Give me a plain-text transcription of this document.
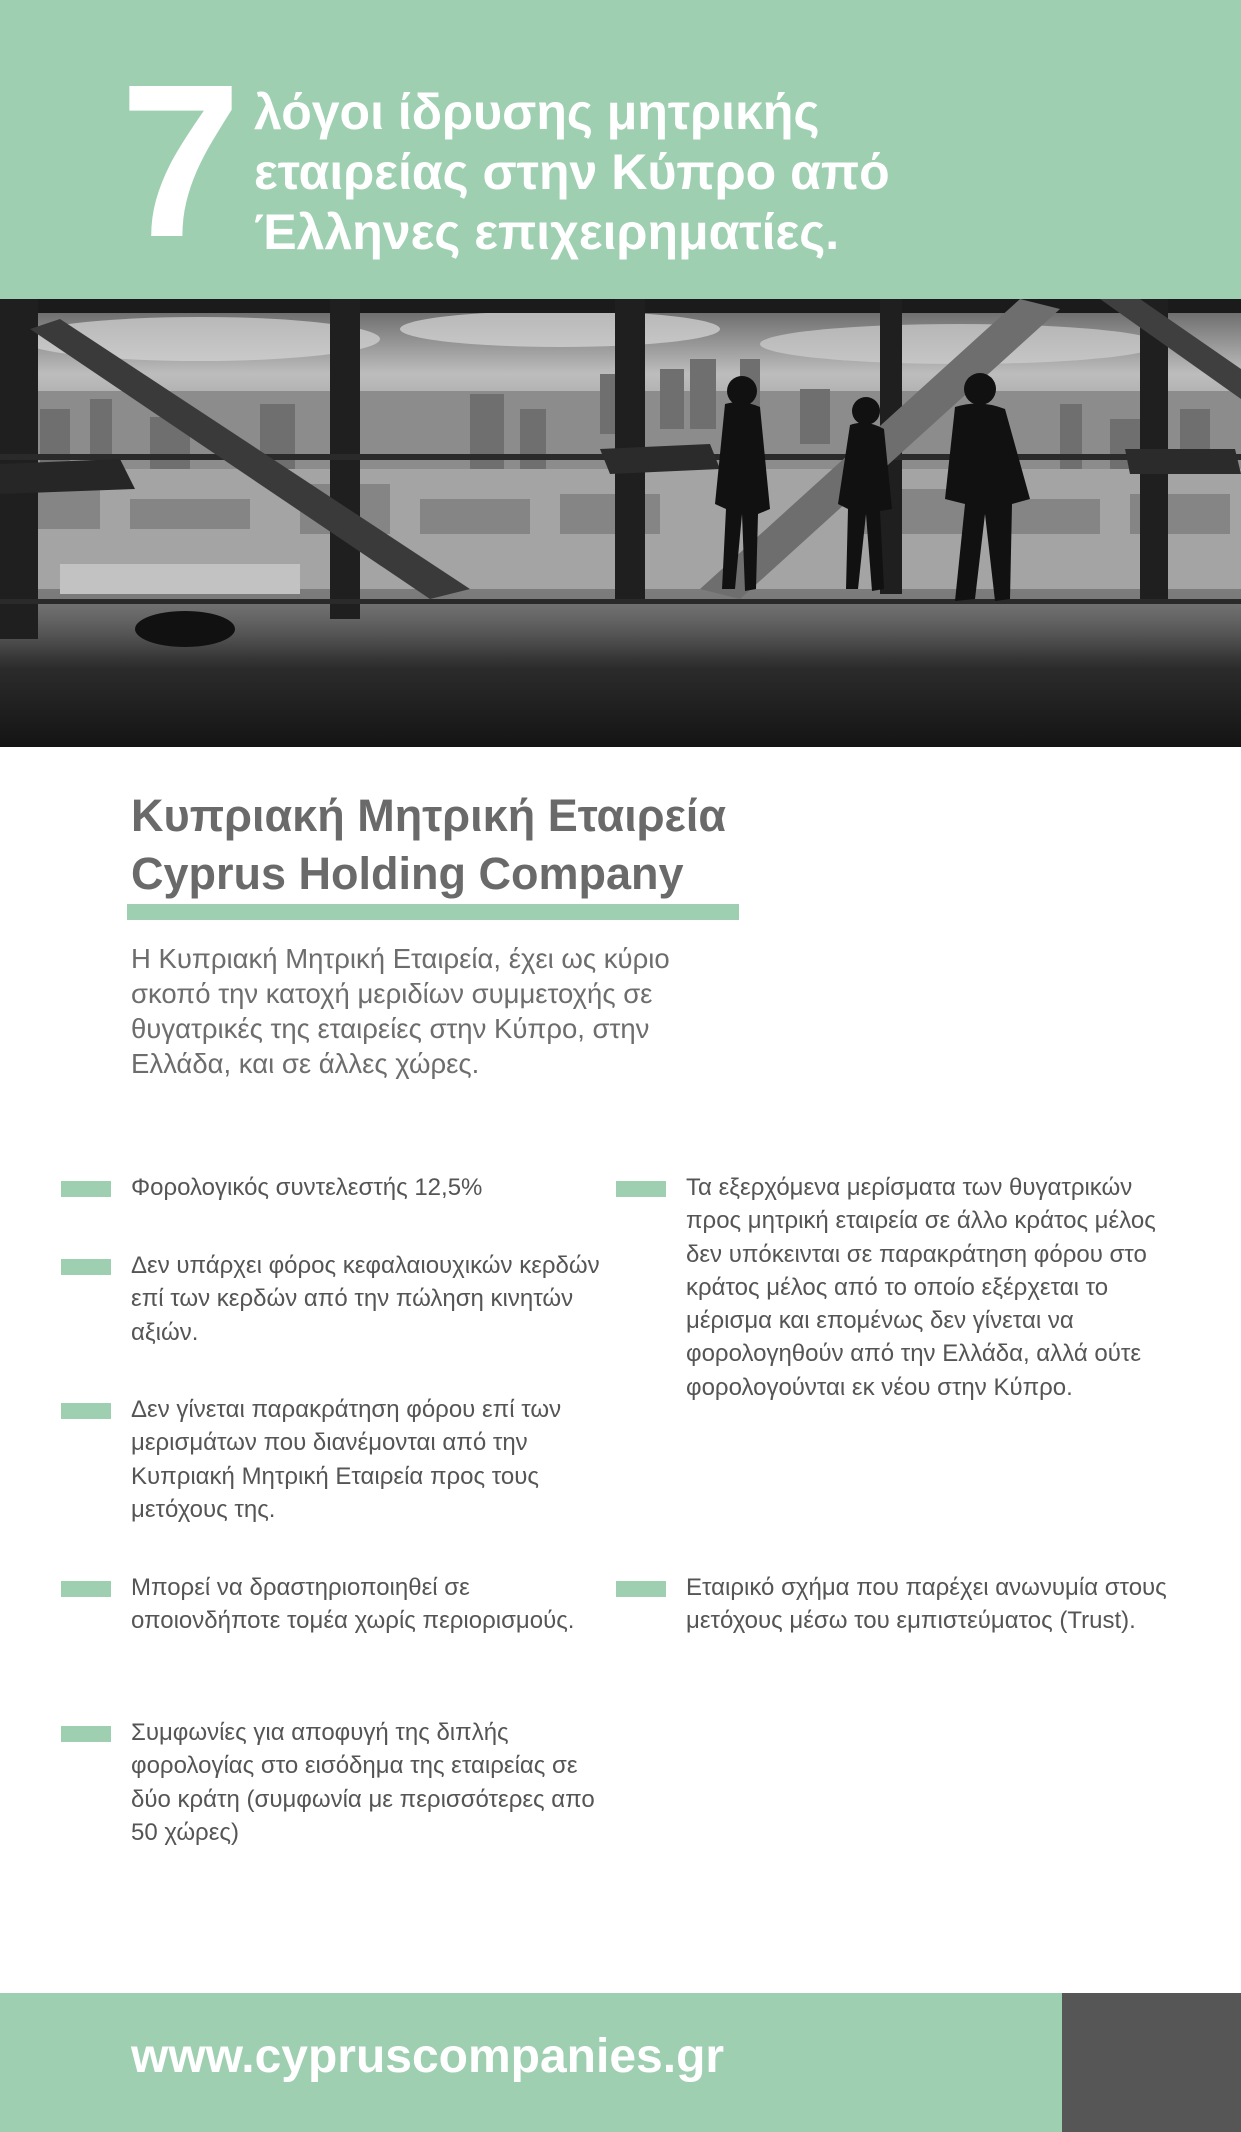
7 λόγοι ίδρυσης μητρικής
εταιρείας στην Κύπρο από
Έλληνες επιχειρηματίες.
Κυπριακή Μητρική Εταιρεία
Cyprus Holding Company

Η Κυπριακή Μητρική Εταιρεία, έχει ως κύριο σκοπό την κατοχή μεριδίων συμμετοχής σε θυγατρικές της εταιρείες στην Κύπρο, στην Ελλάδα, και σε άλλες χώρες.

Φορολογικός συντελεστής 12,5%
Δεν υπάρχει φόρος κεφαλαιουχικών κερδών επί των κερδών από την πώληση κινητών αξιών.
Δεν γίνεται παρακράτηση φόρου επί των μερισμάτων που διανέμονται από την Κυπριακή Μητρική Εταιρεία προς τους μετόχους της.
Μπορεί να δραστηριοποιηθεί σε οποιονδήποτε τομέα χωρίς περιορισμούς.
Συμφωνίες για αποφυγή της διπλής φορολογίας στο εισόδημα της εταιρείας σε δύο κράτη (συμφωνία με περισσότερες απο 50 χώρες)
Τα εξερχόμενα μερίσματα των θυγατρικών προς μητρική εταιρεία σε άλλο κράτος μέλος δεν υπόκεινται σε παρακράτηση φόρου στο κράτος μέλος από το οποίο εξέρχεται το μέρισμα και επομένως δεν γίνεται να φορολογηθούν από την Ελλάδα, αλλά ούτε φορολογούνται εκ νέου στην Κύπρο.
Εταιρικό σχήμα που παρέχει ανωνυμία στους μετόχους μέσω του εμπιστεύματος (Trust).
www.cypruscompanies.gr
